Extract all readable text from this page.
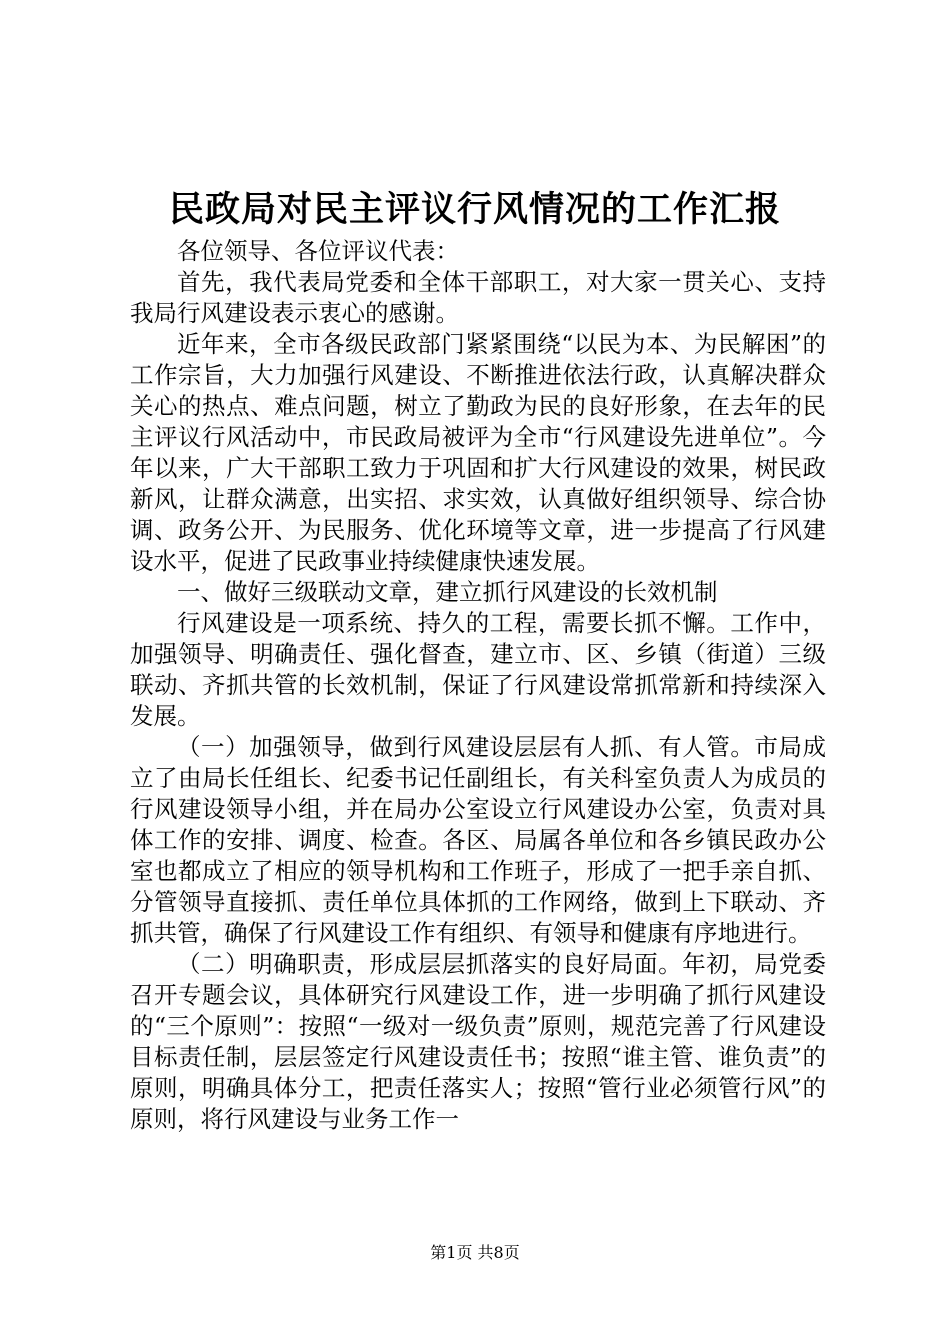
民政局对民主评议行风情况的工作汇报

各位领导、各位评议代表：

首先，我代表局党委和全体干部职工，对大家一贯关心、支持我局行风建设表示衷心的感谢。

近年来，全市各级民政部门紧紧围绕“以民为本、为民解困”的工作宗旨，大力加强行风建设、不断推进依法行政，认真解决群众关心的热点、难点问题，树立了勤政为民的良好形象，在去年的民主评议行风活动中，市民政局被评为全市“行风建设先进单位”。今年以来，广大干部职工致力于巩固和扩大行风建设的效果，树民政新风，让群众满意，出实招、求实效，认真做好组织领导、综合协调、政务公开、为民服务、优化环境等文章，进一步提高了行风建设水平，促进了民政事业持续健康快速发展。

一、做好三级联动文章，建立抓行风建设的长效机制

行风建设是一项系统、持久的工程，需要长抓不懈。工作中，加强领导、明确责任、强化督查，建立市、区、乡镇（街道）三级联动、齐抓共管的长效机制，保证了行风建设常抓常新和持续深入发展。

（一）加强领导，做到行风建设层层有人抓、有人管。市局成立了由局长任组长、纪委书记任副组长，有关科室负责人为成员的行风建设领导小组，并在局办公室设立行风建设办公室，负责对具体工作的安排、调度、检查。各区、局属各单位和各乡镇民政办公室也都成立了相应的领导机构和工作班子，形成了一把手亲自抓、分管领导直接抓、责任单位具体抓的工作网络，做到上下联动、齐抓共管，确保了行风建设工作有组织、有领导和健康有序地进行。

（二）明确职责，形成层层抓落实的良好局面。年初，局党委召开专题会议，具体研究行风建设工作，进一步明确了抓行风建设的“三个原则”：按照“一级对一级负责”原则，规范完善了行风建设目标责任制，层层签定行风建设责任书；按照“谁主管、谁负责”的原则，明确具体分工，把责任落实人；按照“管行业必须管行风”的原则，将行风建设与业务工作一

第1页 共8页
